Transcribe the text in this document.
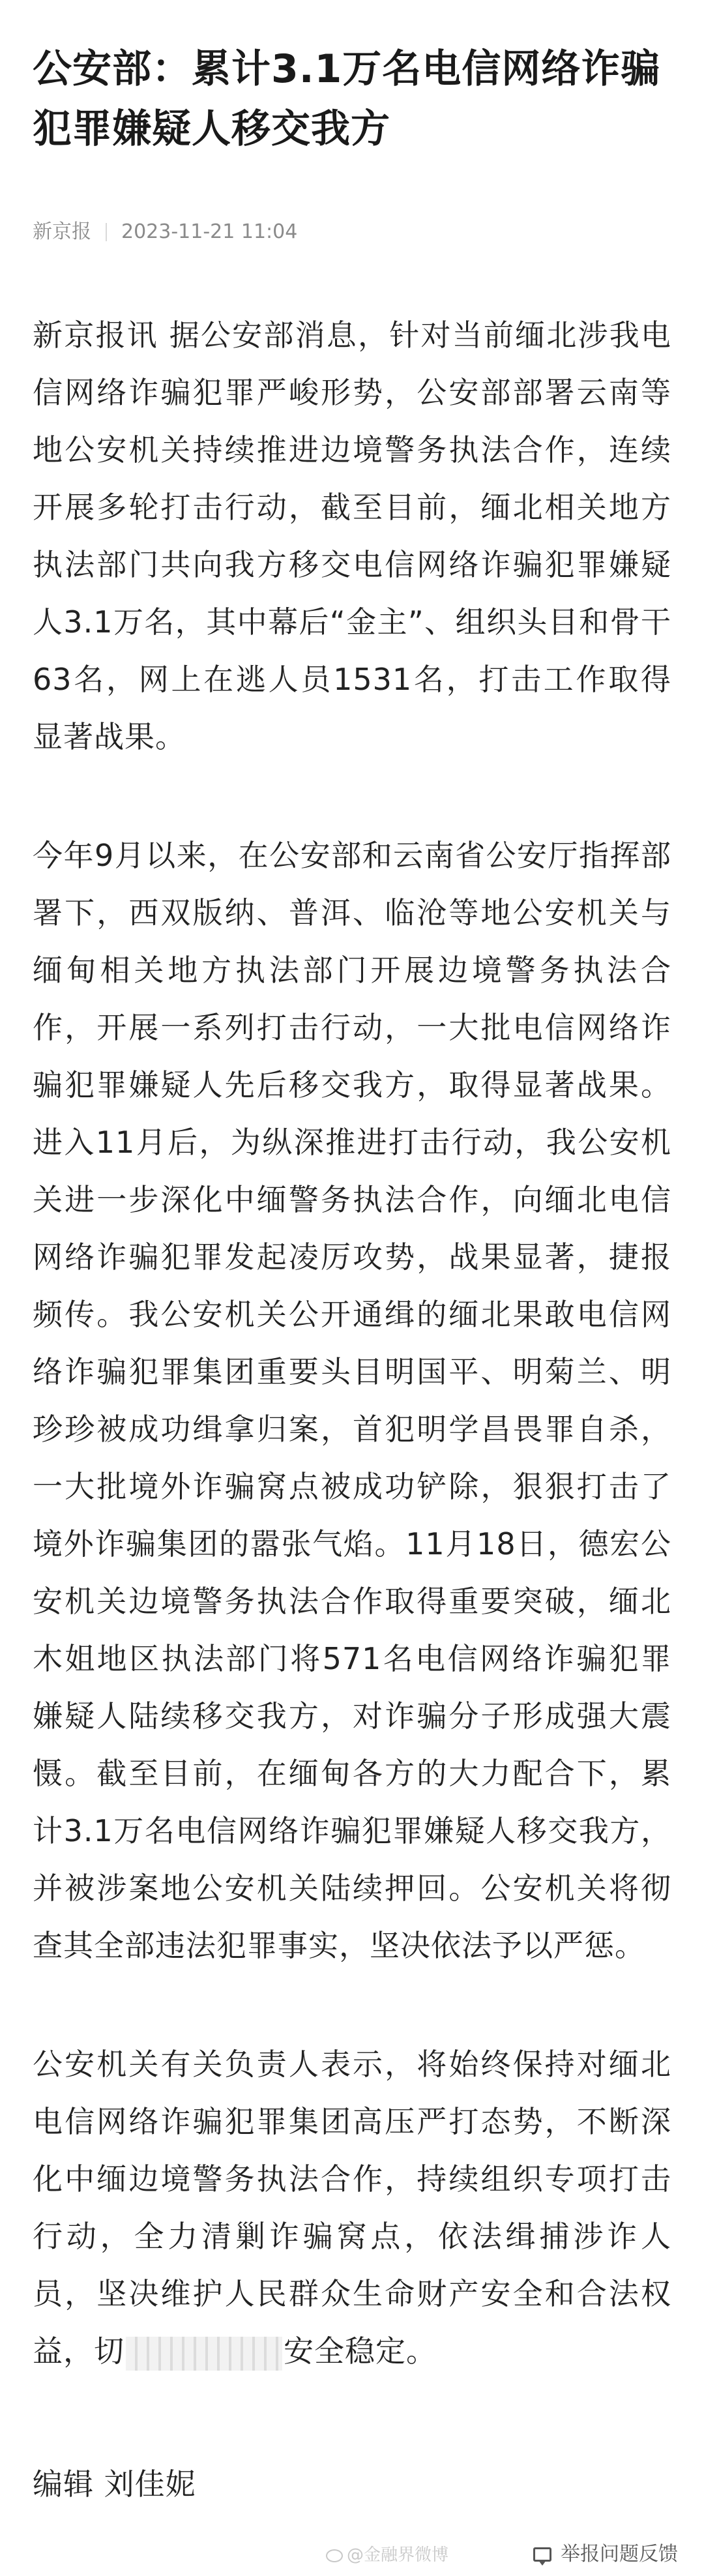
公安部：累计3.1万名电信网络诈骗犯罪嫌疑人移交我方
新京报 2023-11-21 11:04

新京报讯 据公安部消息，针对当前缅北涉我电信网络诈骗犯罪严峻形势，公安部部署云南等地公安机关持续推进边境警务执法合作，连续开展多轮打击行动，截至目前，缅北相关地方执法部门共向我方移交电信网络诈骗犯罪嫌疑人3.1万名，其中幕后“金主”、组织头目和骨干63名，网上在逃人员1531名，打击工作取得显著战果。

今年9月以来，在公安部和云南省公安厅指挥部署下，西双版纳、普洱、临沧等地公安机关与缅甸相关地方执法部门开展边境警务执法合作，开展一系列打击行动，一大批电信网络诈骗犯罪嫌疑人先后移交我方，取得显著战果。进入11月后，为纵深推进打击行动，我公安机关进一步深化中缅警务执法合作，向缅北电信网络诈骗犯罪发起凌厉攻势，战果显著，捷报频传。我公安机关公开通缉的缅北果敢电信网络诈骗犯罪集团重要头目明国平、明菊兰、明珍珍被成功缉拿归案，首犯明学昌畏罪自杀，一大批境外诈骗窝点被成功铲除，狠狠打击了境外诈骗集团的嚣张气焰。11月18日，德宏公安机关边境警务执法合作取得重要突破，缅北木姐地区执法部门将571名电信网络诈骗犯罪嫌疑人陆续移交我方，对诈骗分子形成强大震慑。截至目前，在缅甸各方的大力配合下，累计3.1万名电信网络诈骗犯罪嫌疑人移交我方，并被涉案地公安机关陆续押回。公安机关将彻查其全部违法犯罪事实，坚决依法予以严惩。

公安机关有关负责人表示，将始终保持对缅北电信网络诈骗犯罪集团高压严打态势，不断深化中缅边境警务执法合作，持续组织专项打击行动，全力清剿诈骗窝点，依法缉捕涉诈人员，坚决维护人民群众生命财产安全和合法权益，切	安全稳定。

编辑 刘佳妮
@金融界微博	举报问题反馈
